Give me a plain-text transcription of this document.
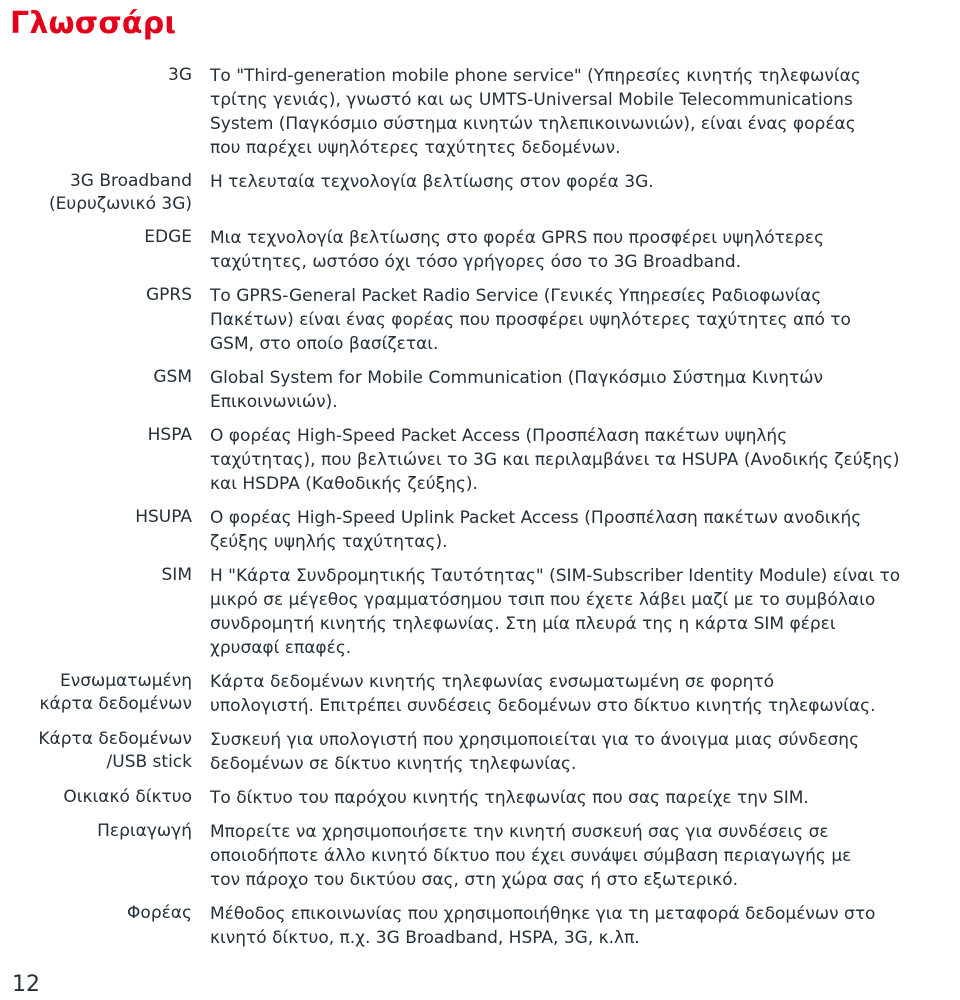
Γλωσσάρι
3G Το "Third-generation mobile phone service" (Υπηρεσίες κινητής τηλεφωνίας
τρίτης γενιάς), γνωστό και ως UMTS-Universal Mobile Telecommunications
System (Παγκόσμιο σύστημα κινητών τηλεπικοινωνιών), είναι ένας φορέας
που παρέχει υψηλότερες ταχύτητες δεδομένων.
3G Broadband
(Ευρυζωνικό 3G)
Η τελευταία τεχνολογία βελτίωσης στον φορέα 3G.
EDGE Μια τεχνολογία βελτίωσης στο φορέα GPRS που προσφέρει υψηλότερες
ταχύτητες, ωστόσο όχι τόσο γρήγορες όσο το 3G Broadband.
GPRS Το GPRS-General Packet Radio Service (Γενικές Υπηρεσίες Ραδιοφωνίας
Πακέτων) είναι ένας φορέας που προσφέρει υψηλότερες ταχύτητες από το
GSM, στο οποίο βασίζεται.
GSM Global System for Mobile Communication (Παγκόσμιο Σύστημα Κινητών
Επικοινωνιών).
HSPA Ο φορέας High-Speed Packet Access (Προσπέλαση πακέτων υψηλής
ταχύτητας), που βελτιώνει το 3G και περιλαμβάνει τα HSUPA (Ανοδικής ζεύξης)
και HSDPA (Καθοδικής ζεύξης).
HSUPA Ο φορέας High-Speed Uplink Packet Access (Προσπέλαση πακέτων ανοδικής
ζεύξης υψηλής ταχύτητας).
SIM Η "Κάρτα Συνδρομητικής Ταυτότητας" (SIM-Subscriber Identity Module) είναι το
μικρό σε μέγεθος γραμματόσημου τσιπ που έχετε λάβει μαζί με το συμβόλαιο
συνδρομητή κινητής τηλεφωνίας. Στη μία πλευρά της η κάρτα SIM φέρει
χρυσαφί επαφές.
Ενσωματωμένη
κάρτα δεδομένων
Κάρτα δεδομένων κινητής τηλεφωνίας ενσωματωμένη σε φορητό
υπολογιστή. Επιτρέπει συνδέσεις δεδομένων στο δίκτυο κινητής τηλεφωνίας.
Κάρτα δεδομένων
/USB stick
Συσκευή για υπολογιστή που χρησιμοποιείται για το άνοιγμα μιας σύνδεσης
δεδομένων σε δίκτυο κινητής τηλεφωνίας.
Οικιακό δίκτυο Το δίκτυο του παρόχου κινητής τηλεφωνίας που σας παρείχε την SIM.
Περιαγωγή Μπορείτε να χρησιμοποιήσετε την κινητή συσκευή σας για συνδέσεις σε
οποιοδήποτε άλλο κινητό δίκτυο που έχει συνάψει σύμβαση περιαγωγής με
τον πάροχο του δικτύου σας, στη χώρα σας ή στο εξωτερικό.
Φορέας Μέθοδος επικοινωνίας που χρησιμοποιήθηκε για τη μεταφορά δεδομένων στο
κινητό δίκτυο, π.χ. 3G Broadband, HSPA, 3G, κ.λπ.
12
